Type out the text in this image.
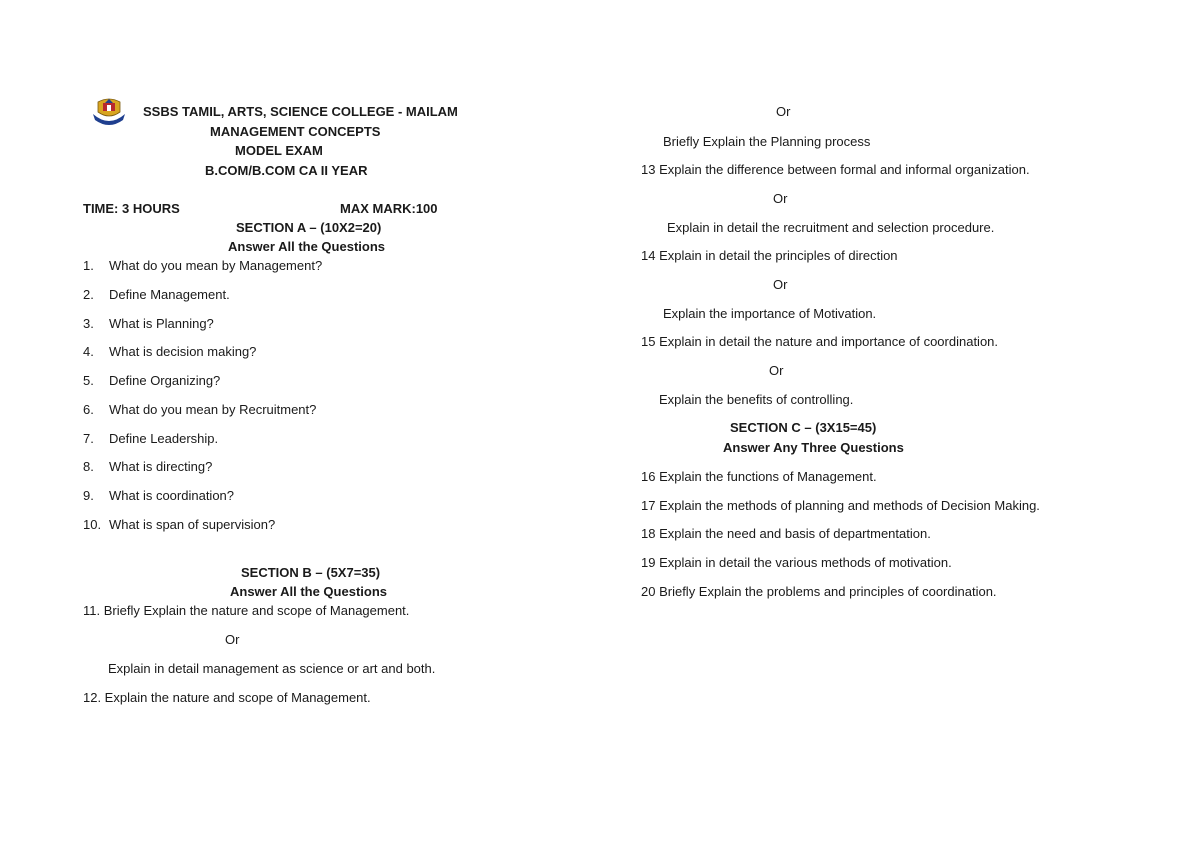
SSBS TAMIL, ARTS, SCIENCE COLLEGE - MAILAM
MANAGEMENT CONCEPTS
MODEL EXAM
B.COM/B.COM CA II YEAR
TIME: 3 HOURS	MAX MARK:100
SECTION A – (10X2=20)
Answer All the Questions
1. What do you mean by Management?
2. Define Management.
3. What is Planning?
4. What is decision making?
5. Define Organizing?
6. What do you mean by Recruitment?
7. Define Leadership.
8. What is directing?
9. What is coordination?
10. What is span of supervision?
SECTION B – (5X7=35)
Answer All the Questions
11. Briefly Explain the nature and scope of Management.
Or
Explain in detail management as science or art and both.
12. Explain the nature and scope of Management.
Or
Briefly Explain the Planning process
13 Explain the difference between formal and informal organization.
Or
Explain in detail the recruitment and selection procedure.
14 Explain in detail the principles of direction
Or
Explain the importance of Motivation.
15 Explain in detail the nature and importance of coordination.
Or
Explain the benefits of controlling.
SECTION C – (3X15=45)
Answer Any Three Questions
16 Explain the functions of Management.
17 Explain the methods of planning and methods of Decision Making.
18 Explain the need and basis of departmentation.
19 Explain in detail the various methods of motivation.
20 Briefly Explain the problems and principles of coordination.
